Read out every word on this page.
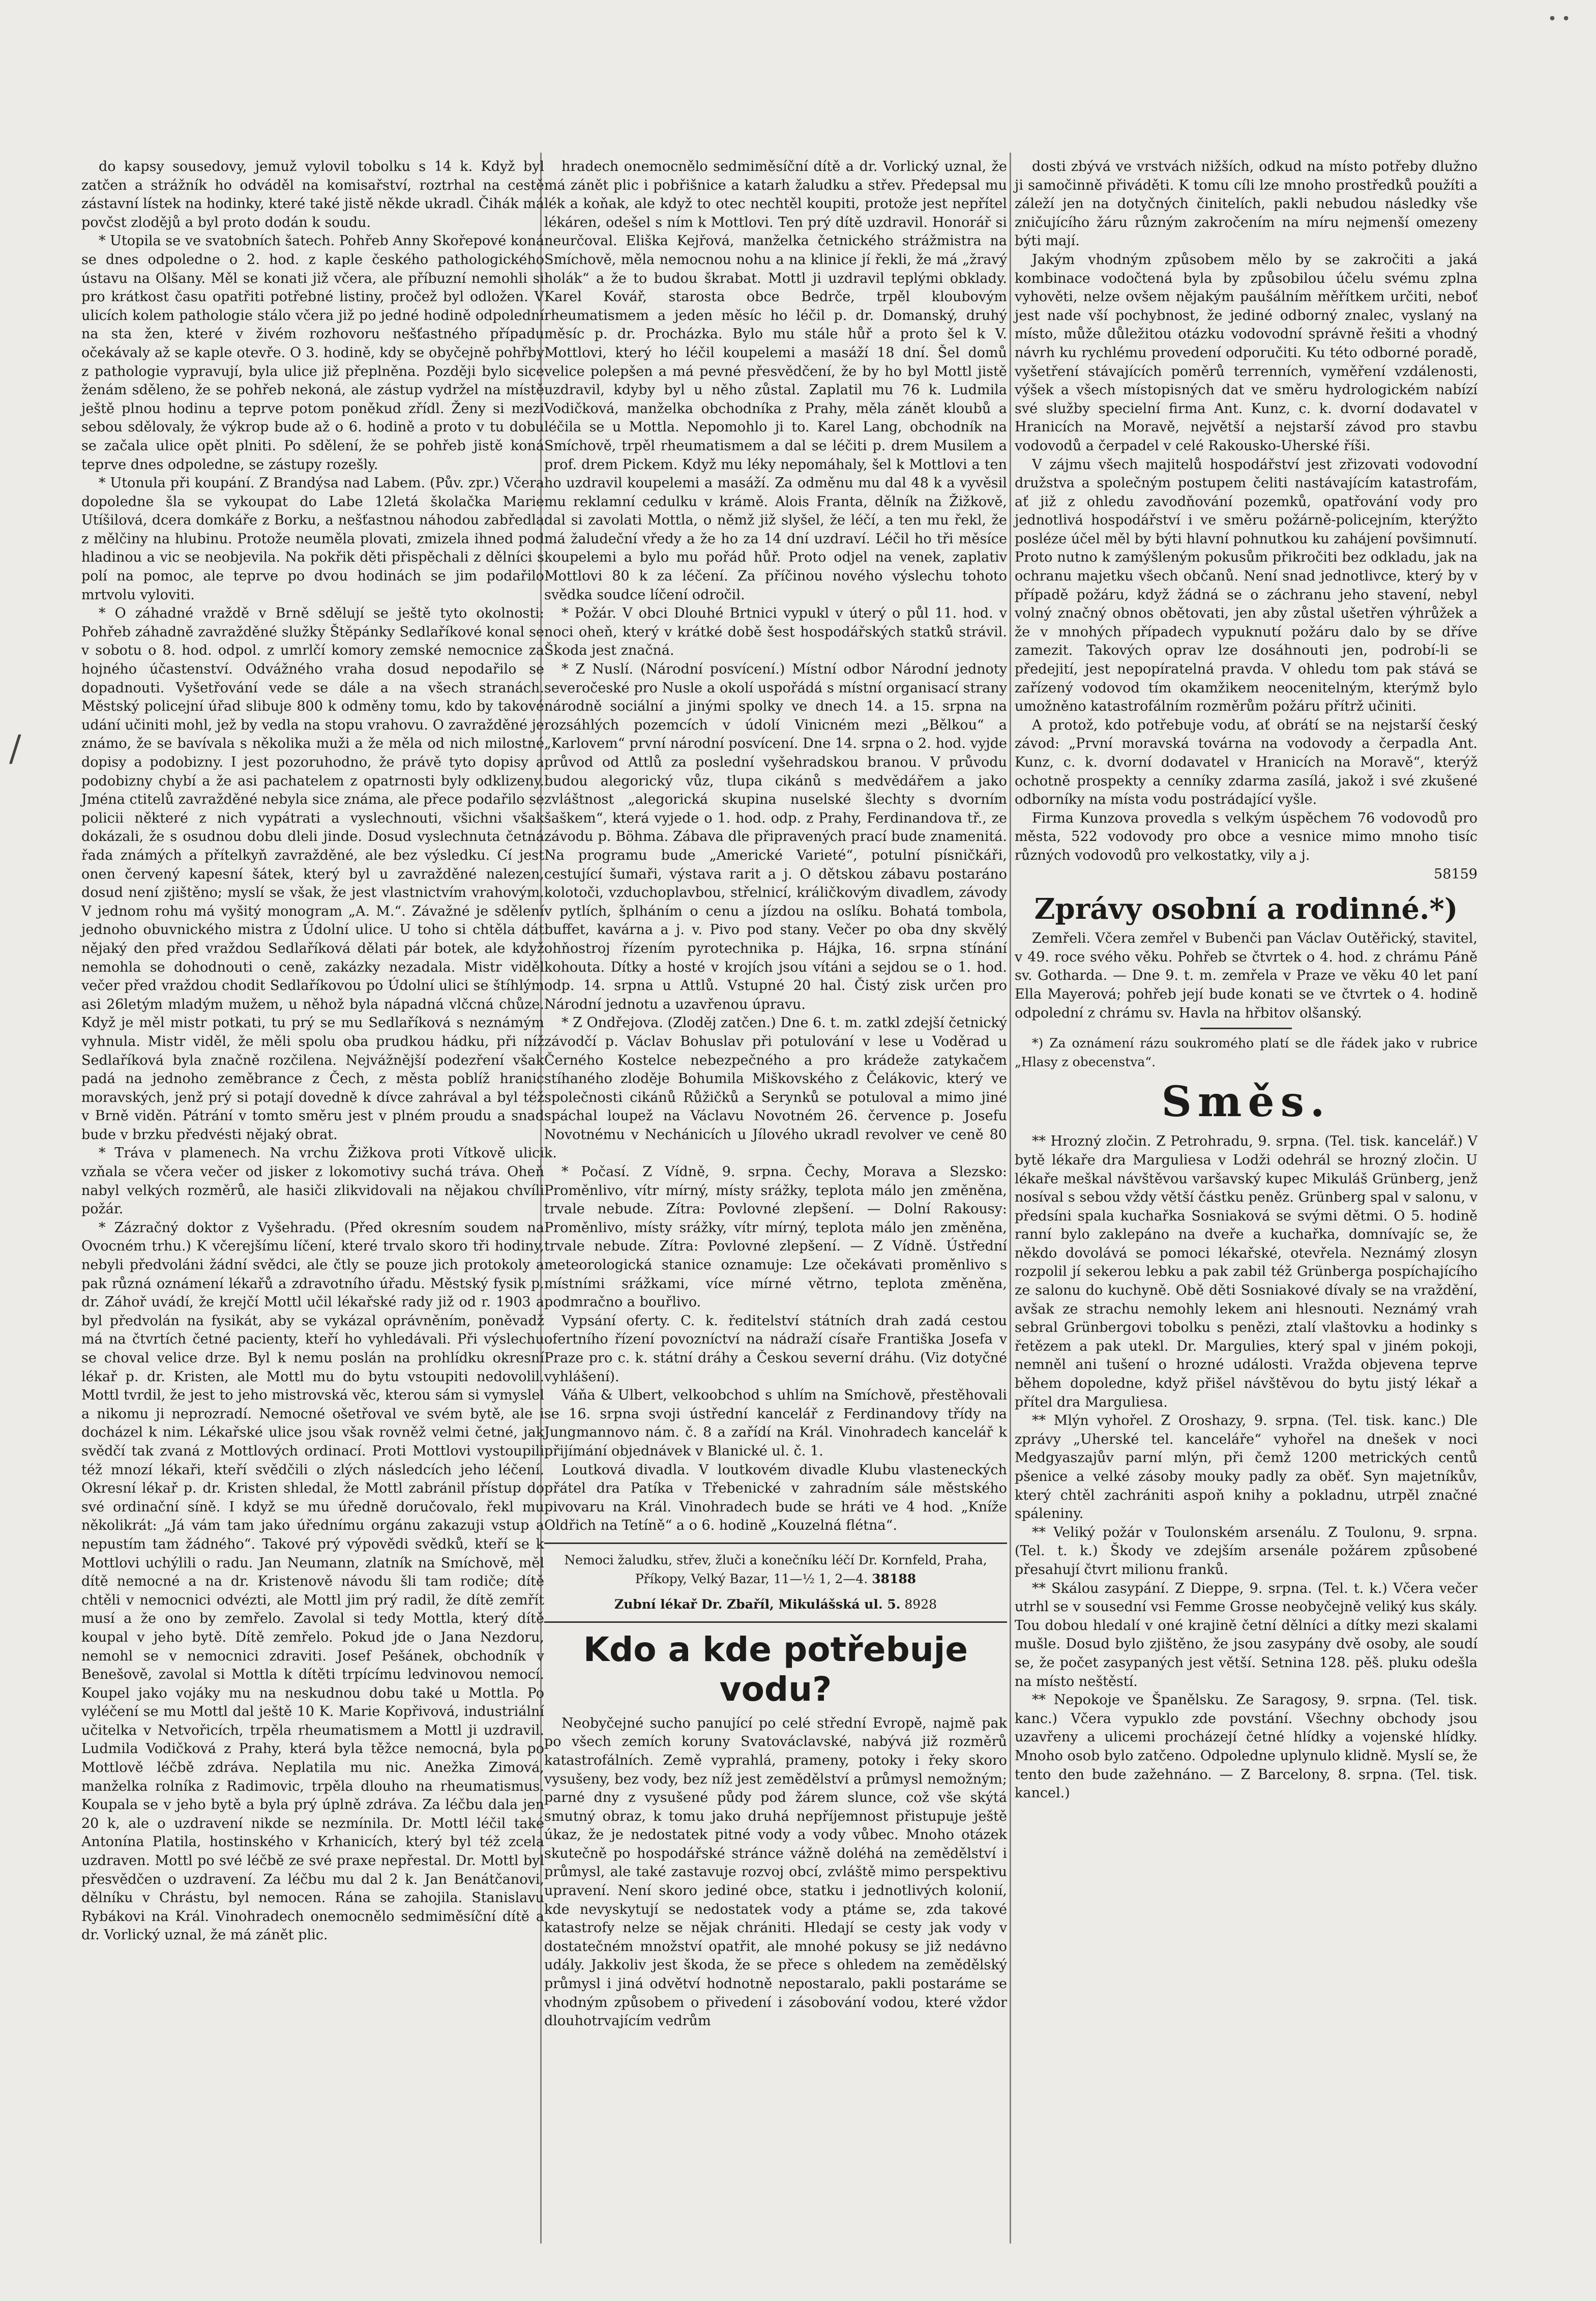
• •
/

do kapsy sousedovy, jemuž vylovil tobolku s 14 k. Když byl zatčen a strážník ho odváděl na komisařství, roztrhal na cestě zástavní lístek na hodinky, které také jistě někde ukradl. Čihák má povčst zlodějů a byl proto dodán k soudu.

* Utopila se ve svatobních šatech. Pohřeb Anny Skořepové koná se dnes odpoledne o 2. hod. z kaple českého pathologického ústavu na Olšany. Měl se konati již včera, ale příbuzní nemohli si pro krátkost času opatřiti potřebné listiny, pročež byl odložen. V ulicích kolem pathologie stálo včera již po jedné hodině odpolední na sta žen, které v živém rozhovoru nešťastného případu očekávaly až se kaple otevře. O 3. hodině, kdy se obyčejně pohřby z pathologie vypravují, byla ulice již přeplněna. Později bylo sice ženám sděleno, že se pohřeb nekoná, ale zástup vydržel na místě ještě plnou hodinu a teprve potom poněkud zřídl. Ženy si mezi sebou sdělovaly, že výkrop bude až o 6. hodině a proto v tu dobu se začala ulice opět plniti. Po sdělení, že se pohřeb jistě koná teprve dnes odpoledne, se zástupy rozešly.

* Utonula při koupání. Z Brandýsa nad Labem. (Pův. zpr.) Včera dopoledne šla se vykoupat do Labe 12letá školačka Marie Utíšilová, dcera domkáře z Borku, a nešťastnou náhodou zabředla z mělčiny na hlubinu. Protože neuměla plovati, zmizela ihned pod hladinou a vic se neobjevila. Na pokřik děti přispěchali z dělníci s polí na pomoc, ale teprve po dvou hodinách se jim podařilo mrtvolu vyloviti.

* O záhadné vraždě v Brně sdělují se ještě tyto okolnosti: Pohřeb záhadně zavražděné služky Štěpánky Sedlaříkové konal se v sobotu o 8. hod. odpol. z umrlčí komory zemské nemocnice za hojného účastenství. Odvážného vraha dosud nepodařilo se dopadnouti. Vyšetřování vede se dále a na všech stranách. Městský policejní úřad slibuje 800 k odměny tomu, kdo by takové udání učiniti mohl, jež by vedla na stopu vrahovu. O zavražděné je známo, že se bavívala s několika muži a že měla od nich milostné dopisy a podobizny. I jest pozoruhodno, že právě tyto dopisy a podobizny chybí a že asi pachatelem z opatrnosti byly odklizeny. Jména ctitelů zavražděné nebyla sice známa, ale přece podařilo se policii některé z nich vypátrati a vyslechnouti, všichni však dokázali, že s osudnou dobu dleli jinde. Dosud vyslechnuta četná řada známých a přítelkyň zavražděné, ale bez výsledku. Cí jest onen červený kapesní šátek, který byl u zavražděné nalezen, dosud není zjištěno; myslí se však, že jest vlastnictvím vrahovým. V jednom rohu má vyšitý monogram „A. M.“. Závažné je sdělení jednoho obuvnického mistra z Údolní ulice. U toho si chtěla dát nějaký den před vraždou Sedlaříková dělati pár botek, ale když nemohla se dohodnouti o ceně, zakázky nezadala. Mistr viděl večer před vraždou chodit Sedlaříkovou po Údolní ulici se štíhlým asi 26letým mladým mužem, u něhož byla nápadná vlčcná chůze. Když je měl mistr potkati, tu prý se mu Sedlaříková s neznámým vyhnula. Mistr viděl, že měli spolu oba prudkou hádku, při níž Sedlaříková byla značně rozčilena. Nejvážnější podezření však padá na jednoho zeměbrance z Čech, z města poblíž hranic moravských, jenž prý si potají dovedně k dívce zahrával a byl též v Brně viděn. Pátrání v tomto směru jest v plném proudu a snad bude v brzku předvésti nějaký obrat.

* Tráva v plamenech. Na vrchu Žižkova proti Vítkově ulici vzňala se včera večer od jisker z lokomotivy suchá tráva. Oheň nabyl velkých rozměrů, ale hasiči zlikvidovali na nějakou chvíli požár.

* Zázračný doktor z Vyšehradu. (Před okresním soudem na Ovocném trhu.) K včerejšímu líčení, které trvalo skoro tři hodiny, nebyli předvoláni žádní svědci, ale čtly se pouze jich protokoly a pak různá oznámení lékařů a zdravotního úřadu. Městský fysik p. dr. Záhoř uvádí, že krejčí Mottl učil lékařské rady již od r. 1903 a byl předvolán na fysikát, aby se vykázal oprávněním, poněvadž má na čtvrtích četné pacienty, kteří ho vyhledávali. Při výslechu se choval velice drze. Byl k nemu poslán na prohlídku okresní lékař p. dr. Kristen, ale Mottl mu do bytu vstoupiti nedovolil. Mottl tvrdil, že jest to jeho mistrovská věc, kterou sám si vymyslel a nikomu ji neprozradí. Nemocné ošetřoval ve svém bytě, ale i docházel k nim. Lékařské ulice jsou však rovněž velmi četné, jak svědčí tak zvaná z Mottlových ordinací. Proti Mottlovi vystoupili též mnozí lékaři, kteří svědčili o zlých následcích jeho léčení. Okresní lékař p. dr. Kristen shledal, že Mottl zabránil přístup do své ordinační síně. I když se mu úředně doručovalo, řekl mu několikrát: „Já vám tam jako úřednímu orgánu zakazuji vstup a nepustím tam žádného“. Takové prý výpovědi svědků, kteří se k Mottlovi uchýlili o radu. Jan Neumann, zlatník na Smíchově, měl dítě nemocné a na dr. Kristenově návodu šli tam rodiče; dítě chtěli v nemocnici odvézti, ale Mottl jim prý radil, že dítě zemřít musí a že ono by zemřelo. Zavolal si tedy Mottla, který dítě koupal v jeho bytě. Dítě zemřelo. Pokud jde o Jana Nezdoru, nemohl se v nemocnici zdraviti. Josef Pešánek, obchodník v Benešově, zavolal si Mottla k dítěti trpícímu ledvinovou nemocí. Koupel jako vojáky mu na neskudnou dobu také u Mottla. Po vyléčení se mu Mottl dal ještě 10 K. Marie Kopřivová, industriální učitelka v Netvořicích, trpěla rheumatismem a Mottl ji uzdravil. Ludmila Vodičková z Prahy, která byla těžce nemocná, byla po Mottlově léčbě zdráva. Neplatila mu nic. Anežka Zimová, manželka rolníka z Radimovic, trpěla dlouho na rheumatismus. Koupala se v jeho bytě a byla prý úplně zdráva. Za léčbu dala jen 20 k, ale o uzdravení nikde se nezmínila. Dr. Mottl léčil také Antonína Platila, hostinského v Krhanicích, který byl též zcela uzdraven. Mottl po své léčbě ze své praxe nepřestal. Dr. Mottl byl přesvědčen o uzdravení. Za léčbu mu dal 2 k. Jan Benátčanovi, dělníku v Chrástu, byl nemocen. Rána se zahojila. Stanislavu Rybákovi na Král. Vinohradech onemocnělo sedmiměsíční dítě a dr. Vorlický uznal, že má zánět plic.

hradech onemocnělo sedmiměsíční dítě a dr. Vorlický uznal, že má zánět plic i pobřišnice a katarh žaludku a střev. Předepsal mu lék a koňak, ale když to otec nechtěl koupiti, protože jest nepřítel lékáren, odešel s ním k Mottlovi. Ten prý dítě uzdravil. Honorář si neurčoval. Eliška Kejřová, manželka četnického strážmistra na Smíchově, měla nemocnou nohu a na klinice jí řekli, že má „žravý holák“ a že to budou škrabat. Mottl ji uzdravil teplými obklady. Karel Kovář, starosta obce Bedrče, trpěl kloubovým rheumatismem a jeden měsíc ho léčil p. dr. Domanský, druhý měsíc p. dr. Procházka. Bylo mu stále hůř a proto šel k V. Mottlovi, který ho léčil koupelemi a masáží 18 dní. Šel domů velice polepšen a má pevné přesvědčení, že by ho byl Mottl jistě uzdravil, kdyby byl u něho zůstal. Zaplatil mu 76 k. Ludmila Vodičková, manželka obchodníka z Prahy, měla zánět kloubů a léčila se u Mottla. Nepomohlo ji to. Karel Lang, obchodník na Smíchově, trpěl rheumatismem a dal se léčiti p. drem Musilem a prof. drem Pickem. Když mu léky nepomáhaly, šel k Mottlovi a ten ho uzdravil koupelemi a masáží. Za odměnu mu dal 48 k a vyvěsil mu reklamní cedulku v krámě. Alois Franta, dělník na Žižkově, dal si zavolati Mottla, o němž již slyšel, že léčí, a ten mu řekl, že má žaludeční vředy a že ho za 14 dní uzdraví. Léčil ho tři měsíce koupelemi a bylo mu pořád hůř. Proto odjel na venek, zaplativ Mottlovi 80 k za léčení. Za příčinou nového výslechu tohoto svědka soudce líčení odročil.

* Požár. V obci Dlouhé Brtnici vypukl v úterý o půl 11. hod. v noci oheň, který v krátké době šest hospodářských statků strávil. Škoda jest značná.

* Z Nuslí. (Národní posvícení.) Místní odbor Národní jednoty severočeské pro Nusle a okolí uspořádá s místní organisací strany národně sociální a jinými spolky ve dnech 14. a 15. srpna na rozsáhlých pozemcích v údolí Vinicném mezi „Bělkou“ a „Karlovem“ první národní posvícení. Dne 14. srpna o 2. hod. vyjde průvod od Attlů za poslední vyšehradskou branou. V průvodu budou alegorický vůz, tlupa cikánů s medvědářem a jako zvláštnost „alegorická skupina nuselské šlechty s dvorním šaškem“, která vyjede o 1. hod. odp. z Prahy, Ferdinandova tř., ze závodu p. Böhma. Zábava dle připravených prací bude znamenitá. Na programu bude „Americké Varieté“, potulní písničkáři, cestující šumaři, výstava rarit a j. O dětskou zábavu postaráno kolotoči, vzduchoplavbou, střelnicí, králičkovým divadlem, závody v pytlích, šplháním o cenu a jízdou na oslíku. Bohatá tombola, buffet, kavárna a j. v. Pivo pod stany. Večer po oba dny skvělý ohňostroj řízením pyrotechnika p. Hájka, 16. srpna stínání kohouta. Dítky a hosté v krojích jsou vítáni a sejdou se o 1. hod. odp. 14. srpna u Attlů. Vstupné 20 hal. Čistý zisk určen pro Národní jednotu a uzavřenou úpravu.

* Z Ondřejova. (Zloděj zatčen.) Dne 6. t. m. zatkl zdejší četnický závodčí p. Václav Bohuslav při potulování v lese u Voděrad u Černého Kostelce nebezpečného a pro krádeže zatykačem stíhaného zloděje Bohumila Miškovského z Čelákovic, který ve společnosti cikánů Růžičků a Serynků se potuloval a mimo jiné spáchal loupež na Václavu Novotném 26. července p. Josefu Novotnému v Nechánicích u Jílového ukradl revolver ve ceně 80 k.

* Počasí. Z Vídně, 9. srpna. Čechy, Morava a Slezsko: Proměnlivo, vítr mírný, místy srážky, teplota málo jen změněna, trvale nebude. Zítra: Povlovné zlepšení. — Dolní Rakousy: Proměnlivo, místy srážky, vítr mírný, teplota málo jen změněna, trvale nebude. Zítra: Povlovné zlepšení. — Z Vídně. Ústřední meteorologická stanice oznamuje: Lze očekávati proměnlivo s místními srážkami, více mírné větrno, teplota změněna, podmračno a bouřlivo.

Vypsání oferty. C. k. ředitelství státních drah zadá cestou ofertního řízení povozníctví na nádraží císaře Františka Josefa v Praze pro c. k. státní dráhy a Českou severní dráhu. (Viz dotyčné vyhlášení).

Váňa & Ulbert, velkoobchod s uhlím na Smíchově, přestěhovali se 16. srpna svoji ústřední kancelář z Ferdinandovy třídy na Jungmannovo nám. č. 8 a zařídí na Král. Vinohradech kancelář k přijímání objednávek v Blanické ul. č. 1.

Loutková divadla. V loutkovém divadle Klubu vlasteneckých přátel dra Patíka v Třebenické v zahradním sále městského pivovaru na Král. Vinohradech bude se hráti ve 4 hod. „Kníže Oldřich na Tetíně“ a o 6. hodině „Kouzelná flétna“.

Nemoci žaludku, střev, žluči a konečníku léčí Dr. Kornfeld, Praha, Příkopy, Velký Bazar, 11—½ 1, 2—4. 38188
Zubní lékař Dr. Zbaříl, Mikulášská ul. 5. 8928
Kdo a kde potřebuje vodu?

Neobyčejné sucho panující po celé střední Evropě, najmě pak po všech zemích koruny Svatováclavské, nabývá již rozměrů katastrofálních. Země vyprahlá, prameny, potoky i řeky skoro vysušeny, bez vody, bez níž jest zemědělství a průmysl nemožným; parné dny z vysušené půdy pod žárem slunce, což vše skýtá smutný obraz, k tomu jako druhá nepříjemnost přistupuje ještě úkaz, že je nedostatek pitné vody a vody vůbec. Mnoho otázek skutečně po hospodářské stránce vážně doléhá na zemědělství i průmysl, ale také zastavuje rozvoj obcí, zvláště mimo perspektivu upravení. Není skoro jediné obce, statku i jednotlivých kolonií, kde nevyskytují se nedostatek vody a ptáme se, zda takové katastrofy nelze se nějak chrániti. Hledají se cesty jak vody v dostatečném množství opatřit, ale mnohé pokusy se již nedávno udály. Jakkoliv jest škoda, že se přece s ohledem na zemědělský průmysl i jiná odvětví hodnotně nepostaralo, pakli postaráme se vhodným způsobem o přivedení i zásobování vodou, které vždor dlouhotrvajícím vedrům

dosti zbývá ve vrstvách nižších, odkud na místo potřeby dlužno ji samočinně přiváděti. K tomu cíli lze mnoho prostředků použíti a záleží jen na dotyčných činitelích, pakli nebudou následky vše zničujícího žáru různým zakročením na míru nejmenší omezeny býti mají.

Jakým vhodným způsobem mělo by se zakročiti a jaká kombinace vodočtená byla by způsobilou účelu svému zplna vyhověti, nelze ovšem nějakým paušálním měřítkem určiti, neboť jest nade vší pochybnost, že jediné odborný znalec, vyslaný na místo, může důležitou otázku vodovodní správně řešiti a vhodný návrh ku rychlému provedení odporučiti. Ku této odborné poradě, vyšetření stávajících poměrů terrenních, vyměření vzdálenosti, výšek a všech místopisných dat ve směru hydrologickém nabízí své služby specielní firma Ant. Kunz, c. k. dvorní dodavatel v Hranicích na Moravě, největší a nejstarší závod pro stavbu vodovodů a čerpadel v celé Rakousko-Uherské říši.

V zájmu všech majitelů hospodářství jest zřizovati vodovodní družstva a společným postupem čeliti nastávajícím katastrofám, ať již z ohledu zavodňování pozemků, opatřování vody pro jednotlivá hospodářství i ve směru požárně-policejním, kterýžto posléze účel měl by býti hlavní pohnutkou ku zahájení povšimnutí. Proto nutno k zamýšleným pokusům přikročiti bez odkladu, jak na ochranu majetku všech občanů. Není snad jednotlivce, který by v případě požáru, když žádná se o záchranu jeho stavení, nebyl volný značný obnos obětovati, jen aby zůstal ušetřen výhrůžek a že v mnohých případech vypuknutí požáru dalo by se dříve zamezit. Takových oprav lze dosáhnouti jen, podrobí-li se předejití, jest nepopíratelná pravda. V ohledu tom pak stává se zařízený vodovod tím okamžikem neocenitelným, kterýmž bylo umožněno katastrofálním rozměrům požáru přítrž učiniti.

A protož, kdo potřebuje vodu, ať obrátí se na nejstarší český závod: „První moravská továrna na vodovody a čerpadla Ant. Kunz, c. k. dvorní dodavatel v Hranicích na Moravě“, kterýž ochotně prospekty a cenníky zdarma zasílá, jakož i své zkušené odborníky na místa vodu postrádající vyšle.

Firma Kunzova provedla s velkým úspěchem 76 vodovodů pro města, 522 vodovody pro obce a vesnice mimo mnoho tisíc různých vodovodů pro velkostatky, vily a j.

58159
Zprávy osobní a rodinné.*)

Zemřeli. Včera zemřel v Bubenči pan Václav Outěřický, stavitel, v 49. roce svého věku. Pohřeb se čtvrtek o 4. hod. z chrámu Páně sv. Gotharda. — Dne 9. t. m. zemřela v Praze ve věku 40 let paní Ella Mayerová; pohřeb její bude konati se ve čtvrtek o 4. hodině odpolední z chrámu sv. Havla na hřbitov olšanský.

*) Za oznámení rázu soukromého platí se dle řádek jako v rubrice „Hlasy z obecenstva“.

Směs.

** Hrozný zločin. Z Petrohradu, 9. srpna. (Tel. tisk. kancelář.) V bytě lékaře dra Marguliesa v Lodži odehrál se hrozný zločin. U lékaře meškal návštěvou varšavský kupec Mikuláš Grünberg, jenž nosíval s sebou vždy větší částku peněz. Grünberg spal v salonu, v předsíni spala kuchařka Sosniaková se svými dětmi. O 5. hodině ranní bylo zaklepáno na dveře a kuchařka, domnívajíc se, že někdo dovolává se pomoci lékařské, otevřela. Neznámý zlosyn rozpolil jí sekerou lebku a pak zabil též Grünberga pospíchajícího ze salonu do kuchyně. Obě děti Sosniakové dívaly se na vraždění, avšak ze strachu nemohly lekem ani hlesnouti. Neznámý vrah sebral Grünbergovi tobolku s penězi, ztalí vlaštovku a hodinky s řetězem a pak utekl. Dr. Margulies, který spal v jiném pokoji, nemněl ani tušení o hrozné události. Vražda objevena teprve během dopoledne, když přišel návštěvou do bytu jistý lékař a přítel dra Marguliesa.

** Mlýn vyhořel. Z Oroshazy, 9. srpna. (Tel. tisk. kanc.) Dle zprávy „Uherské tel. kanceláře“ vyhořel na dnešek v noci Medgyaszajův parní mlýn, při čemž 1200 metrických centů pšenice a velké zásoby mouky padly za oběť. Syn majetníkův, který chtěl zachrániti aspoň knihy a pokladnu, utrpěl značné spáleniny.

** Veliký požár v Toulonském arsenálu. Z Toulonu, 9. srpna. (Tel. t. k.) Škody ve zdejším arsenále požárem způsobené přesahují čtvrt milionu franků.

** Skálou zasypání. Z Dieppe, 9. srpna. (Tel. t. k.) Včera večer utrhl se v sousední vsi Femme Grosse neobyčejně veliký kus skály. Tou dobou hledalí v oné krajině četní dělníci a dítky mezi skalami mušle. Dosud bylo zjištěno, že jsou zasypány dvě osoby, ale soudí se, že počet zasypaných jest větší. Setnina 128. pěš. pluku odešla na místo neštěstí.

** Nepokoje ve Španělsku. Ze Saragosy, 9. srpna. (Tel. tisk. kanc.) Včera vypuklo zde povstání. Všechny obchody jsou uzavřeny a ulicemi procházejí četné hlídky a vojenské hlídky. Mnoho osob bylo zatčeno. Odpoledne uplynulo klidně. Myslí se, že tento den bude zažehnáno. — Z Barcelony, 8. srpna. (Tel. tisk. kancel.)
